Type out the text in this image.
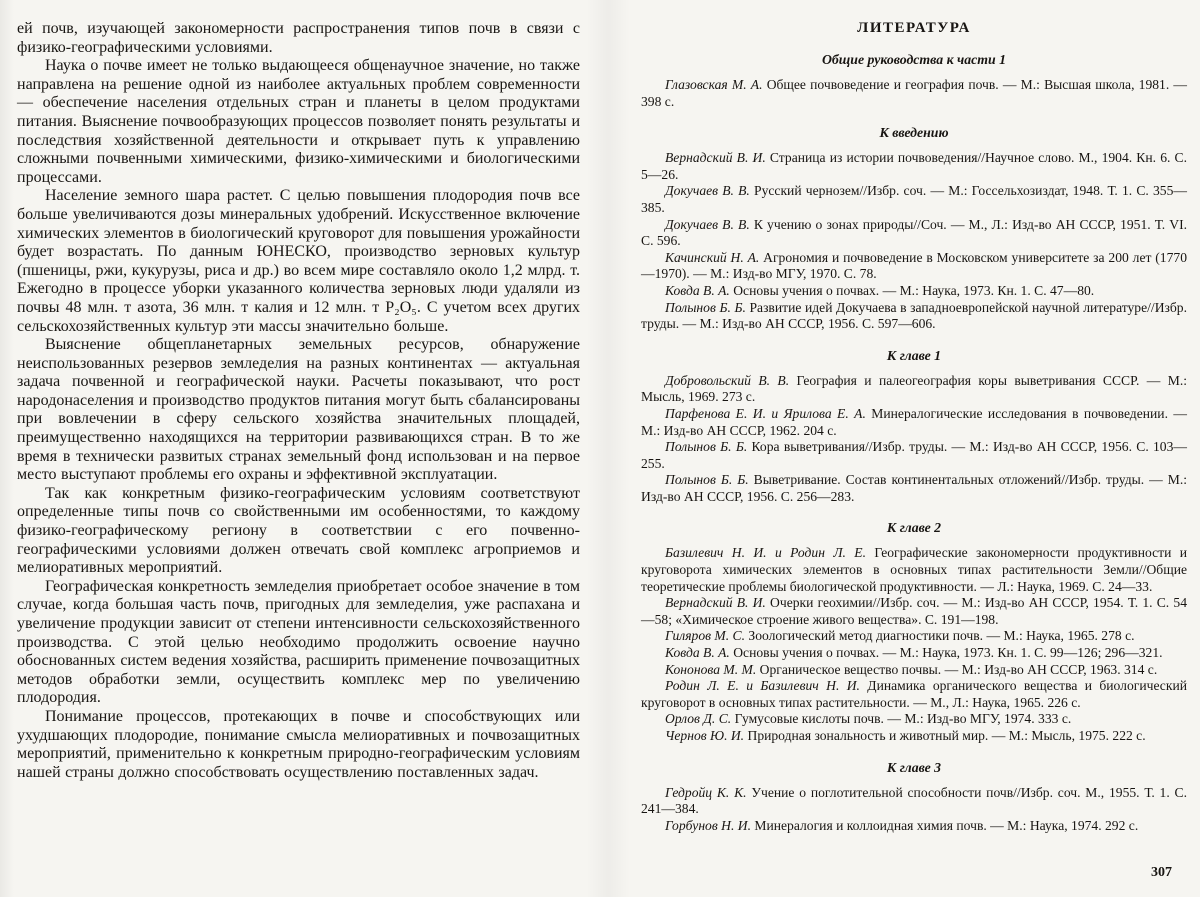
ей почв, изучающей закономерности распространения типов почв в связи с физико-географическими условиями.

Наука о почве имеет не только выдающееся общенаучное значение, но также направлена на решение одной из наиболее актуальных проблем современности — обеспечение населения отдельных стран и планеты в целом продуктами питания. Выяснение почвообразующих процессов позволяет понять результаты и последствия хозяйственной деятельности и открывает путь к управлению сложными почвенными химическими, физико-химическими и биологическими процессами.

Население земного шара растет. С целью повышения плодородия почв все больше увеличиваются дозы минеральных удобрений. Искусственное включение химических элементов в биологический круговорот для повышения урожайности будет возрастать. По данным ЮНЕСКО, производство зерновых культур (пшеницы, ржи, кукурузы, риса и др.) во всем мире составляло около 1,2 млрд. т. Ежегодно в процессе уборки указанного количества зерновых люди удаляли из почвы 48 млн. т азота, 36 млн. т калия и 12 млн. т P₂O₅. С учетом всех других сельскохозяйственных культур эти массы значительно больше.

Выяснение общепланетарных земельных ресурсов, обнаружение неиспользованных резервов земледелия на разных континентах — актуальная задача почвенной и географической науки. Расчеты показывают, что рост народонаселения и производство продуктов питания могут быть сбалансированы при вовлечении в сферу сельского хозяйства значительных площадей, преимущественно находящихся на территории развивающихся стран. В то же время в технически развитых странах земельный фонд использован и на первое место выступают проблемы его охраны и эффективной эксплуатации.

Так как конкретным физико-географическим условиям соответствуют определенные типы почв со свойственными им особенностями, то каждому физико-географическому региону в соответствии с его почвенно-географическими условиями должен отвечать свой комплекс агроприемов и мелиоративных мероприятий.

Географическая конкретность земледелия приобретает особое значение в том случае, когда большая часть почв, пригодных для земледелия, уже распахана и увеличение продукции зависит от степени интенсивности сельскохозяйственного производства. С этой целью необходимо продолжить освоение научно обоснованных систем ведения хозяйства, расширить применение почвозащитных методов обработки земли, осуществить комплекс мер по увеличению плодородия.

Понимание процессов, протекающих в почве и способствующих или ухудшающих плодородие, понимание смысла мелиоративных и почвозащитных мероприятий, применительно к конкретным природно-географическим условиям нашей страны должно способствовать осуществлению поставленных задач.

ЛИТЕРАТУРА
Общие руководства к части 1

Глазовская М. А. Общее почвоведение и география почв. — М.: Высшая школа, 1981. — 398 с.

К введению

Вернадский В. И. Страница из истории почвоведения//Научное слово. М., 1904. Кн. 6. С. 5—26.

Докучаев В. В. Русский чернозем//Избр. соч. — М.: Госсельхозиздат, 1948. Т. 1. С. 355—385.

Докучаев В. В. К учению о зонах природы//Соч. — М., Л.: Изд-во АН СССР, 1951. Т. VI. С. 596.

Качинский Н. А. Агрономия и почвоведение в Московском университете за 200 лет (1770—1970). — М.: Изд-во МГУ, 1970. С. 78.

Ковда В. А. Основы учения о почвах. — М.: Наука, 1973. Кн. 1. С. 47—80.

Полынов Б. Б. Развитие идей Докучаева в западноевропейской научной литературе//Избр. труды. — М.: Изд-во АН СССР, 1956. С. 597—606.

К главе 1

Добровольский В. В. География и палеогеография коры выветривания СССР. — М.: Мысль, 1969. 273 с.

Парфенова Е. И. и Ярилова Е. А. Минералогические исследования в почвоведении. — М.: Изд-во АН СССР, 1962. 204 с.

Полынов Б. Б. Кора выветривания//Избр. труды. — М.: Изд-во АН СССР, 1956. С. 103—255.

Полынов Б. Б. Выветривание. Состав континентальных отложений//Избр. труды. — М.: Изд-во АН СССР, 1956. С. 256—283.

К главе 2

Базилевич Н. И. и Родин Л. Е. Географические закономерности продуктивности и круговорота химических элементов в основных типах растительности Земли//Общие теоретические проблемы биологической продуктивности. — Л.: Наука, 1969. С. 24—33.

Вернадский В. И. Очерки геохимии//Избр. соч. — М.: Изд-во АН СССР, 1954. Т. 1. С. 54—58; «Химическое строение живого вещества». С. 191—198.

Гиляров М. С. Зоологический метод диагностики почв. — М.: Наука, 1965. 278 с.

Ковда В. А. Основы учения о почвах. — М.: Наука, 1973. Кн. 1. С. 99—126; 296—321.

Кононова М. М. Органическое вещество почвы. — М.: Изд-во АН СССР, 1963. 314 с.

Родин Л. Е. и Базилевич Н. И. Динамика органического вещества и биологический круговорот в основных типах растительности. — М., Л.: Наука, 1965. 226 с.

Орлов Д. С. Гумусовые кислоты почв. — М.: Изд-во МГУ, 1974. 333 с.

Чернов Ю. И. Природная зональность и животный мир. — М.: Мысль, 1975. 222 с.

К главе 3

Гедройц К. К. Учение о поглотительной способности почв//Избр. соч. М., 1955. Т. 1. С. 241—384.

Горбунов Н. И. Минералогия и коллоидная химия почв. — М.: Наука, 1974. 292 с.

307
